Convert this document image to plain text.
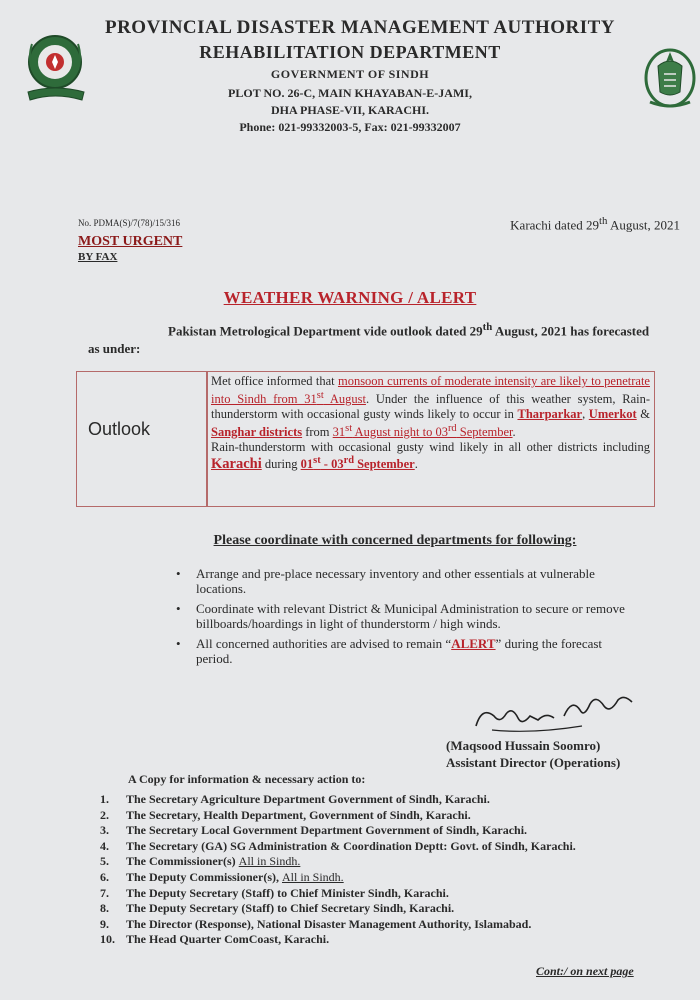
PROVINCIAL DISASTER MANAGEMENT AUTHORITY
REHABILITATION DEPARTMENT
GOVERNMENT OF SINDH
PLOT NO. 26-C, MAIN KHAYABAN-E-JAMI,
DHA PHASE-VII, KARACHI.
Phone: 021-99332003-5, Fax: 021-99332007
No. PDMA(S)/7(78)/15/316	Karachi dated 29th August, 2021
MOST URGENT
BY FAX
WEATHER WARNING / ALERT
Pakistan Metrological Department vide outlook dated 29th August, 2021 has forecasted as under:
Outlook
Met office informed that monsoon currents of moderate intensity are likely to penetrate into Sindh from 31st August. Under the influence of this weather system, Rain-thunderstorm with occasional gusty winds likely to occur in Tharparkar, Umerkot & Sanghar districts from 31st August night to 03rd September.
Rain-thunderstorm with occasional gusty wind likely in all other districts including Karachi during 01st - 03rd September.
Please coordinate with concerned departments for following:
• Arrange and pre-place necessary inventory and other essentials at vulnerable locations.
• Coordinate with relevant District & Municipal Administration to secure or remove billboards/hoardings in light of thunderstorm / high winds.
• All concerned authorities are advised to remain “ALERT” during the forecast period.
(Maqsood Hussain Soomro)
Assistant Director (Operations)
A Copy for information & necessary action to:
1. The Secretary Agriculture Department Government of Sindh, Karachi.
2. The Secretary, Health Department, Government of Sindh, Karachi.
3. The Secretary Local Government Department Government of Sindh, Karachi.
4. The Secretary (GA) SG Administration & Coordination Deptt: Govt. of Sindh, Karachi.
5. The Commissioner(s) All in Sindh.
6. The Deputy Commissioner(s), All in Sindh.
7. The Deputy Secretary (Staff) to Chief Minister Sindh, Karachi.
8. The Deputy Secretary (Staff) to Chief Secretary Sindh, Karachi.
9. The Director (Response), National Disaster Management Authority, Islamabad.
10. The Head Quarter ComCoast, Karachi.
Cont:/ on next page
